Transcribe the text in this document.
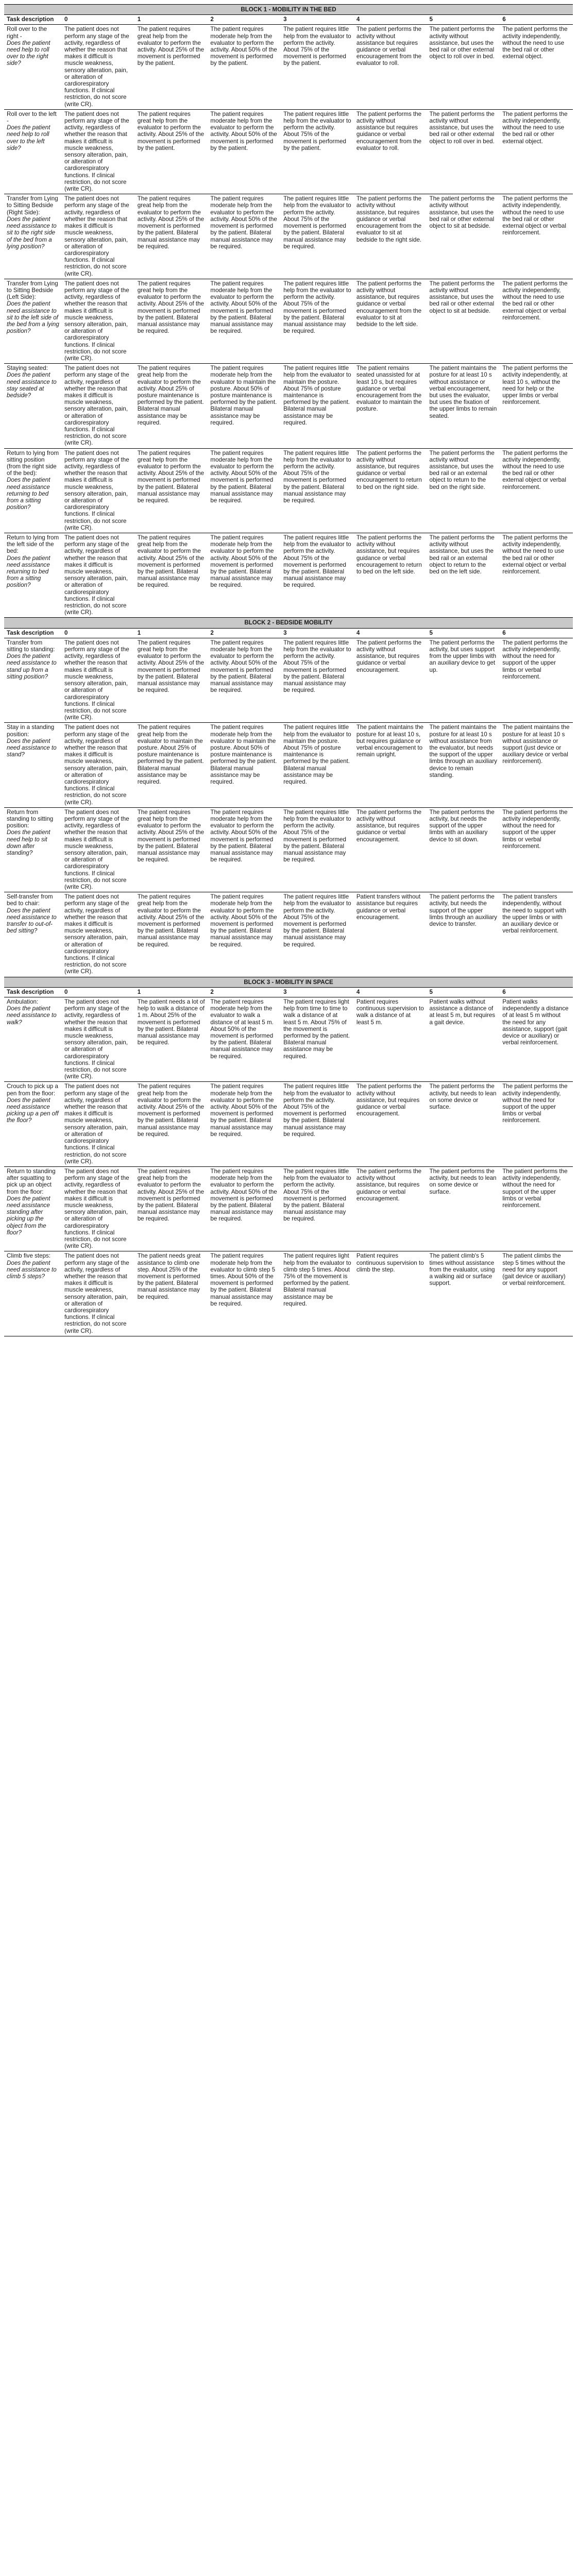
BLOCK 1 - MOBILITY IN THE BED							
Task description	0	1	2	3	4	5	6

Roll over to the right -
Does the patient need help to roll over to the right side?	The patient does not perform any stage of the activity, regardless of whether the reason that makes it difficult is muscle weakness, sensory alteration, pain, or alteration of cardiorespiratory functions. If clinical restriction, do not score (write CR).	The patient requires great help from the evaluator to perform the activity. About 25% of the movement is performed by the patient.	The patient requires moderate help from the evaluator to perform the activity. About 50% of the movement is performed by the patient.	The patient requires little help from the evaluator to perform the activity. About 75% of the movement is performed by the patient.	The patient performs the activity without assistance but requires guidance or verbal encouragement from the evaluator to roll.	The patient performs the activity without assistance, but uses the bed rail or other external object to roll over in bed.	The patient performs the activity independently, without the need to use the bed rail or other external object.

Roll over to the left -
Does the patient need help to roll over to the left side?	The patient does not perform any stage of the activity, regardless of whether the reason that makes it difficult is muscle weakness, sensory alteration, pain, or alteration of cardiorespiratory functions. If clinical restriction, do not score (write CR).	The patient requires great help from the evaluator to perform the activity. About 25% of the movement is performed by the patient.	The patient requires moderate help from the evaluator to perform the activity. About 50% of the movement is performed by the patient.	The patient requires little help from the evaluator to perform the activity. About 75% of the movement is performed by the patient.	The patient performs the activity without assistance but requires guidance or verbal encouragement from the evaluator to roll.	The patient performs the activity without assistance, but uses the bed rail or other external object to roll over in bed.	The patient performs the activity independently, without the need to use the bed rail or other external object.

Transfer from Lying to Sitting Bedside (Right Side):
Does the patient need assistance to sit to the right side of the bed from a lying position?	The patient does not perform any stage of the activity, regardless of whether the reason that makes it difficult is muscle weakness, sensory alteration, pain, or alteration of cardiorespiratory functions. If clinical restriction, do not score (write CR).	The patient requires great help from the evaluator to perform the activity. About 25% of the movement is performed by the patient. Bilateral manual assistance may be required.	The patient requires moderate help from the evaluator to perform the activity. About 50% of the movement is performed by the patient. Bilateral manual assistance may be required.	The patient requires little help from the evaluator to perform the activity. About 75% of the movement is performed by the patient. Bilateral manual assistance may be required.	The patient performs the activity without assistance, but requires guidance or verbal encouragement from the evaluator to sit at bedside to the right side.	The patient performs the activity without assistance, but uses the bed rail or other external object to sit at bedside.	The patient performs the activity independently, without the need to use the bed rail or other external object or verbal reinforcement.

Transfer from Lying to Sitting Bedside (Left Side):
Does the patient need assistance to sit to the left side of the bed from a lying position?	The patient does not perform any stage of the activity, regardless of whether the reason that makes it difficult is muscle weakness, sensory alteration, pain, or alteration of cardiorespiratory functions. If clinical restriction, do not score (write CR).	The patient requires great help from the evaluator to perform the activity. About 25% of the movement is performed by the patient. Bilateral manual assistance may be required.	The patient requires moderate help from the evaluator to perform the activity. About 50% of the movement is performed by the patient. Bilateral manual assistance may be required.	The patient requires little help from the evaluator to perform the activity. About 75% of the movement is performed by the patient. Bilateral manual assistance may be required.	The patient performs the activity without assistance, but requires guidance or verbal encouragement from the evaluator to sit at bedside to the left side.	The patient performs the activity without assistance, but uses the bed rail or other external object to sit at bedside.	The patient performs the activity independently, without the need to use the bed rail or other external object or verbal reinforcement.

Staying seated:
Does the patient need assistance to stay seated at bedside?	The patient does not perform any stage of the activity, regardless of whether the reason that makes it difficult is muscle weakness, sensory alteration, pain, or alteration of cardiorespiratory functions. If clinical restriction, do not score (write CR).	The patient requires great help from the evaluator to perform the activity. About 25% of posture maintenance is performed by the patient. Bilateral manual assistance may be required.	The patient requires moderate help from the evaluator to maintain the posture. About 50% of posture maintenance is performed by the patient. Bilateral manual assistance may be required.	The patient requires little help from the evaluator to maintain the posture. About 75% of posture maintenance is performed by the patient. Bilateral manual assistance may be required.	The patient remains seated unassisted for at least 10 s, but requires guidance or verbal encouragement from the evaluator to maintain the posture.	The patient maintains the posture for at least 10 s without assistance or verbal encouragement, but uses the evaluator, but uses the fixation of the upper limbs to remain seated.	The patient performs the activity independently, at least 10 s, without the need for help or the upper limbs or verbal reinforcement.

Return to lying from sitting position (from the right side of the bed):
Does the patient need assistance returning to bed from a sitting position?	The patient does not perform any stage of the activity, regardless of whether the reason that makes it difficult is muscle weakness, sensory alteration, pain, or alteration of cardiorespiratory functions. If clinical restriction, do not score (write CR).	The patient requires great help from the evaluator to perform the activity. About 25% of the movement is performed by the patient. Bilateral manual assistance may be required.	The patient requires moderate help from the evaluator to perform the activity. About 50% of the movement is performed by the patient. Bilateral manual assistance may be required.	The patient requires little help from the evaluator to perform the activity. About 75% of the movement is performed by the patient. Bilateral manual assistance may be required.	The patient performs the activity without assistance, but requires guidance or verbal encouragement to return to bed on the right side.	The patient performs the activity without assistance, but uses the bed rail or an external object to return to the bed on the right side.	The patient performs the activity independently, without the need to use the bed rail or other external object or verbal reinforcement.

Return to lying from the left side of the bed:
Does the patient need assistance returning to bed from a sitting position?	The patient does not perform any stage of the activity, regardless of whether the reason that makes it difficult is muscle weakness, sensory alteration, pain, or alteration of cardiorespiratory functions. If clinical restriction, do not score (write CR).	The patient requires great help from the evaluator to perform the activity. About 25% of the movement is performed by the patient. Bilateral manual assistance may be required.	The patient requires moderate help from the evaluator to perform the activity. About 50% of the movement is performed by the patient. Bilateral manual assistance may be required.	The patient requires little help from the evaluator to perform the activity. About 75% of the movement is performed by the patient. Bilateral manual assistance may be required.	The patient performs the activity without assistance, but requires guidance or verbal encouragement to return to bed on the left side.	The patient performs the activity without assistance, but uses the bed rail or an external object to return to the bed on the left side.	The patient performs the activity independently, without the need to use the bed rail or other external object or verbal reinforcement.
BLOCK 2 - BEDSIDE MOBILITY							
Task description	0	1	2	3	4	5	6

Transfer from sitting to standing:
Does the patient need assistance to stand up from a sitting position?	The patient does not perform any stage of the activity, regardless of whether the reason that makes it difficult is muscle weakness, sensory alteration, pain, or alteration of cardiorespiratory functions. If clinical restriction, do not score (write CR).	The patient requires great help from the evaluator to perform the activity. About 25% of the movement is performed by the patient. Bilateral manual assistance may be required.	The patient requires moderate help from the evaluator to perform the activity. About 50% of the movement is performed by the patient. Bilateral manual assistance may be required.	The patient requires little help from the evaluator to perform the activity. About 75% of the movement is performed by the patient. Bilateral manual assistance may be required.	The patient performs the activity without assistance, but requires guidance or verbal encouragement.	The patient performs the activity, but uses support from the upper limbs with an auxiliary device to get up.	The patient performs the activity independently, without the need for support of the upper limbs or verbal reinforcement.

Stay in a standing position:
Does the patient need assistance to stand?	The patient does not perform any stage of the activity, regardless of whether the reason that makes it difficult is muscle weakness, sensory alteration, pain, or alteration of cardiorespiratory functions. If clinical restriction, do not score (write CR).	The patient requires great help from the evaluator to maintain the posture. About 25% of posture maintenance is performed by the patient. Bilateral manual assistance may be required.	The patient requires moderate help from the evaluator to maintain the posture. About 50% of posture maintenance is performed by the patient. Bilateral manual assistance may be required.	The patient requires little help from the evaluator to maintain the posture. About 75% of posture maintenance is performed by the patient. Bilateral manual assistance may be required.	The patient maintains the posture for at least 10 s, but requires guidance or verbal encouragement to remain upright.	The patient maintains the posture for at least 10 s without assistance from the evaluator, but needs the support of the upper limbs through an auxiliary device to remain standing.	The patient maintains the posture for at least 10 s without assistance or support (just device or auxiliary device or verbal reinforcement).

Return from standing to sitting position:
Does the patient need help to sit down after standing?	The patient does not perform any stage of the activity, regardless of whether the reason that makes it difficult is muscle weakness, sensory alteration, pain, or alteration of cardiorespiratory functions. If clinical restriction, do not score (write CR).	The patient requires great help from the evaluator to perform the activity. About 25% of the movement is performed by the patient. Bilateral manual assistance may be required.	The patient requires moderate help from the evaluator to perform the activity. About 50% of the movement is performed by the patient. Bilateral manual assistance may be required.	The patient requires little help from the evaluator to perform the activity. About 75% of the movement is performed by the patient. Bilateral manual assistance may be required.	The patient performs the activity without assistance, but requires guidance or verbal encouragement.	The patient performs the activity, but needs the support of the upper limbs with an auxiliary device to sit down.	The patient performs the activity independently, without the need for support of the upper limbs or verbal reinforcement.

Self-transfer from bed to chair:
Does the patient need assistance to transfer to out-of-bed sitting?	The patient does not perform any stage of the activity, regardless of whether the reason that makes it difficult is muscle weakness, sensory alteration, pain, or alteration of cardiorespiratory functions. If clinical restriction, do not score (write CR).	The patient requires great help from the evaluator to perform the activity. About 25% of the movement is performed by the patient. Bilateral manual assistance may be required.	The patient requires moderate help from the evaluator to perform the activity. About 50% of the movement is performed by the patient. Bilateral manual assistance may be required.	The patient requires little help from the evaluator to perform the activity. About 75% of the movement is performed by the patient. Bilateral manual assistance may be required.	Patient transfers without assistance but requires guidance or verbal encouragement.	The patient performs the activity, but needs the support of the upper limbs through an auxiliary device to transfer.	The patient transfers independently, without the need to support with the upper limbs or with an auxiliary device or verbal reinforcement.
BLOCK 3 - MOBILITY IN SPACE							
Task description	0	1	2	3	4	5	6

Ambulation:
Does the patient need assistance to walk?	The patient does not perform any stage of the activity, regardless of whether the reason that makes it difficult is muscle weakness, sensory alteration, pain, or alteration of cardiorespiratory functions. If clinical restriction, do not score (write CR).	The patient needs a lot of help to walk a distance of 1 m. About 25% of the movement is performed by the patient. Bilateral manual assistance may be required.	The patient requires moderate help from the evaluator to walk a distance of at least 5 m. About 50% of the movement is performed by the patient. Bilateral manual assistance may be required.	The patient requires light help from time to time to walk a distance of at least 5 m. About 75% of the movement is performed by the patient. Bilateral manual assistance may be required.	Patient requires continuous supervision to walk a distance of at least 5 m.	Patient walks without assistance a distance of at least 5 m, but requires a gait device.	Patient walks independently a distance of at least 5 m without the need for any assistance, support (gait device or auxiliary) or verbal reinforcement.

Crouch to pick up a pen from the floor:
Does the patient need assistance picking up a pen off the floor?	The patient does not perform any stage of the activity, regardless of whether the reason that makes it difficult is muscle weakness, sensory alteration, pain, or alteration of cardiorespiratory functions. If clinical restriction, do not score (write CR).	The patient requires great help from the evaluator to perform the activity. About 25% of the movement is performed by the patient. Bilateral manual assistance may be required.	The patient requires moderate help from the evaluator to perform the activity. About 50% of the movement is performed by the patient. Bilateral manual assistance may be required.	The patient requires little help from the evaluator to perform the activity. About 75% of the movement is performed by the patient. Bilateral manual assistance may be required.	The patient performs the activity without assistance, but requires guidance or verbal encouragement.	The patient performs the activity, but needs to lean on some device or surface.	The patient performs the activity independently, without the need for support of the upper limbs or verbal reinforcement.

Return to standing after squatting to pick up an object from the floor:
Does the patient need assistance standing after picking up the object from the floor?	The patient does not perform any stage of the activity, regardless of whether the reason that makes it difficult is muscle weakness, sensory alteration, pain, or alteration of cardiorespiratory functions. If clinical restriction, do not score (write CR).	The patient requires great help from the evaluator to perform the activity. About 25% of the movement is performed by the patient. Bilateral manual assistance may be required.	The patient requires moderate help from the evaluator to perform the activity. About 50% of the movement is performed by the patient. Bilateral manual assistance may be required.	The patient requires little help from the evaluator to perform the activity. About 75% of the movement is performed by the patient. Bilateral manual assistance may be required.	The patient performs the activity without assistance, but requires guidance or verbal encouragement.	The patient performs the activity, but needs to lean on some device or surface.	The patient performs the activity independently, without the need for support of the upper limbs or verbal reinforcement.

Climb five steps:
Does the patient need assistance to climb 5 steps?	The patient does not perform any stage of the activity, regardless of whether the reason that makes it difficult is muscle weakness, sensory alteration, pain, or alteration of cardiorespiratory functions. If clinical restriction, do not score (write CR).	The patient needs great assistance to climb one step. About 25% of the movement is performed by the patient. Bilateral manual assistance may be required.	The patient requires moderate help from the evaluator to climb step 5 times. About 50% of the movement is performed by the patient. Bilateral manual assistance may be required.	The patient requires light help from the evaluator to climb step 5 times. About 75% of the movement is performed by the patient. Bilateral manual assistance may be required.	Patient requires continuous supervision to climb the step.	The patient climb's 5 times without assistance from the evaluator, using a walking aid or surface support.	The patient climbs the step 5 times without the need for any support (gait device or auxiliary) or verbal reinforcement.
